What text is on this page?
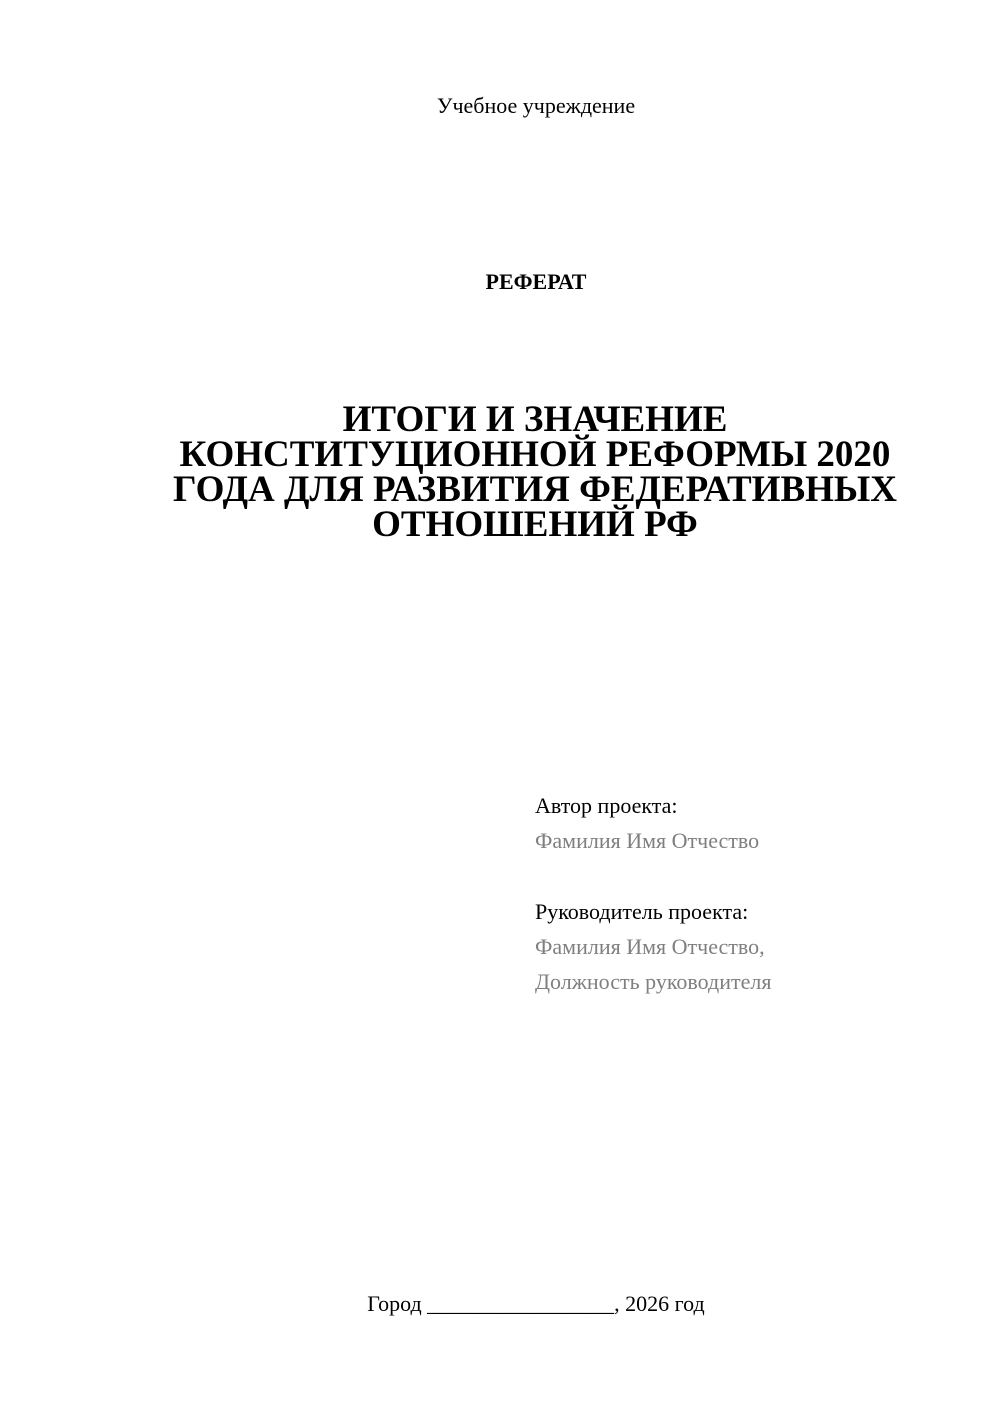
Учебное учреждение
РЕФЕРАТ
ИТОГИ И ЗНАЧЕНИЕ
КОНСТИТУЦИОННОЙ РЕФОРМЫ 2020
ГОДА ДЛЯ РАЗВИТИЯ ФЕДЕРАТИВНЫХ
ОТНОШЕНИЙ РФ
Автор проекта:
Фамилия Имя Отчество
Руководитель проекта:
Фамилия Имя Отчество,
Должность руководителя
Город _________________, 2026 год
